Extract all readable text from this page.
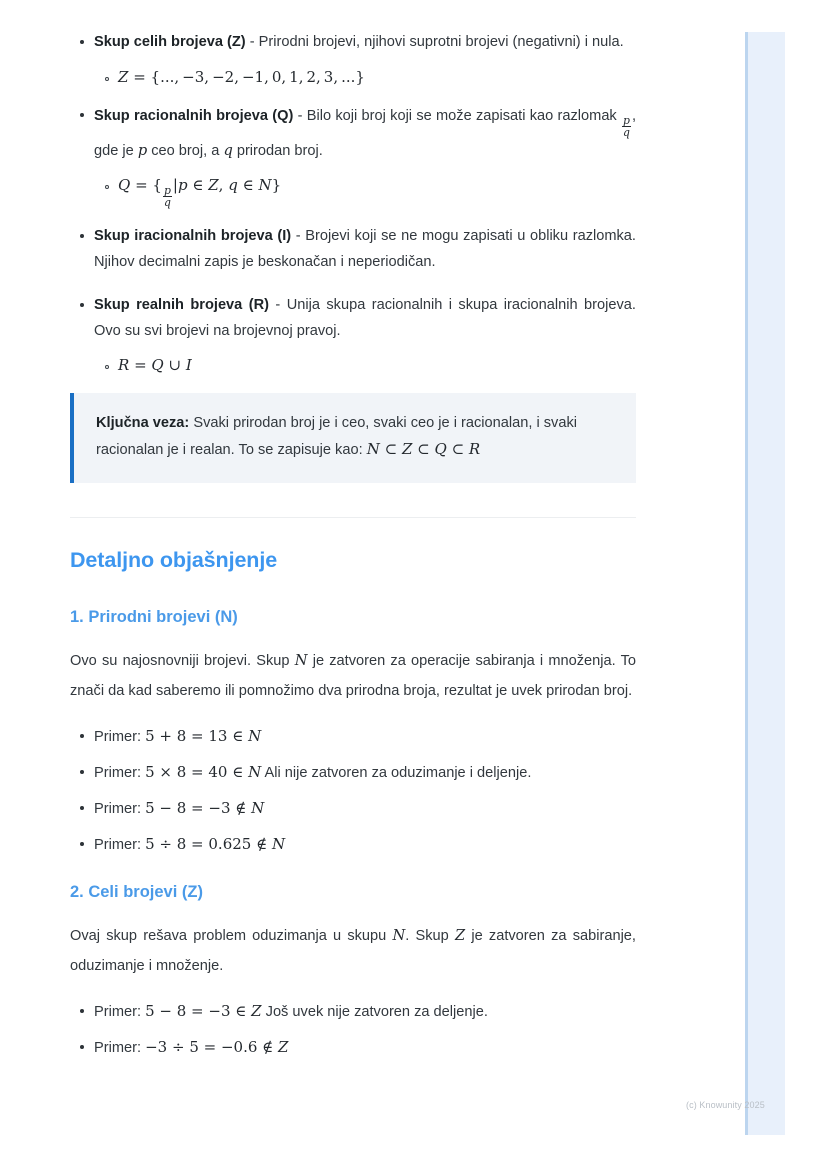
Skup celih brojeva (Z) - Prirodni brojevi, njihovi suprotni brojevi (negativni) i nula.

Z = {..., −3, −2, −1, 0, 1, 2, 3, ...}

Skup racionalnih brojeva (Q) - Bilo koji broj koji se može zapisati kao razlomak $\frac{p}{q}$ , gde je p ceo broj, a q prirodan broj.

Q = {
$\frac{p}{q}$
|p ∈ Z, q ∈ N}

Skup iracionalnih brojeva (I) - Brojevi koji se ne mogu zapisati u obliku razlomka. Njihov decimalni zapis je beskonačan i neperiodičan.

Skup realnih brojeva (R) - Unija skupa racionalnih i skupa iracionalnih brojeva. Ovo su svi brojevi na brojevnoj pravoj.

R = Q ∪ I

Ključna veza: Svaki prirodan broj je i ceo, svaki ceo je i racionalan, i svaki racionalan je i realan. To se zapisuje kao: N ⊂ Z ⊂ Q ⊂ R

Detaljno objašnjenje
1. Prirodni brojevi (N)

Ovo su najosnovniji brojevi. Skup N je zatvoren za operacije sabiranja i množenja. To znači da kad saberemo ili pomnožimo dva prirodna broja, rezultat je uvek prirodan broj.

Primer: 5 + 8 = 13 ∈ N
Primer: 5 × 8 = 40 ∈ N Ali nije zatvoren za oduzimanje i deljenje.
Primer: 5 − 8 = −3 ∉ N
Primer: 5 ÷ 8 = 0.625 ∉ N
2. Celi brojevi (Z)

Ovaj skup rešava problem oduzimanja u skupu N. Skup Z je zatvoren za sabiranje, oduzimanje i množenje.

Primer: 5 − 8 = −3 ∈ Z Još uvek nije zatvoren za deljenje.
Primer: −3 ÷ 5 = −0.6 ∉ Z
(c) Knowunity 2025
